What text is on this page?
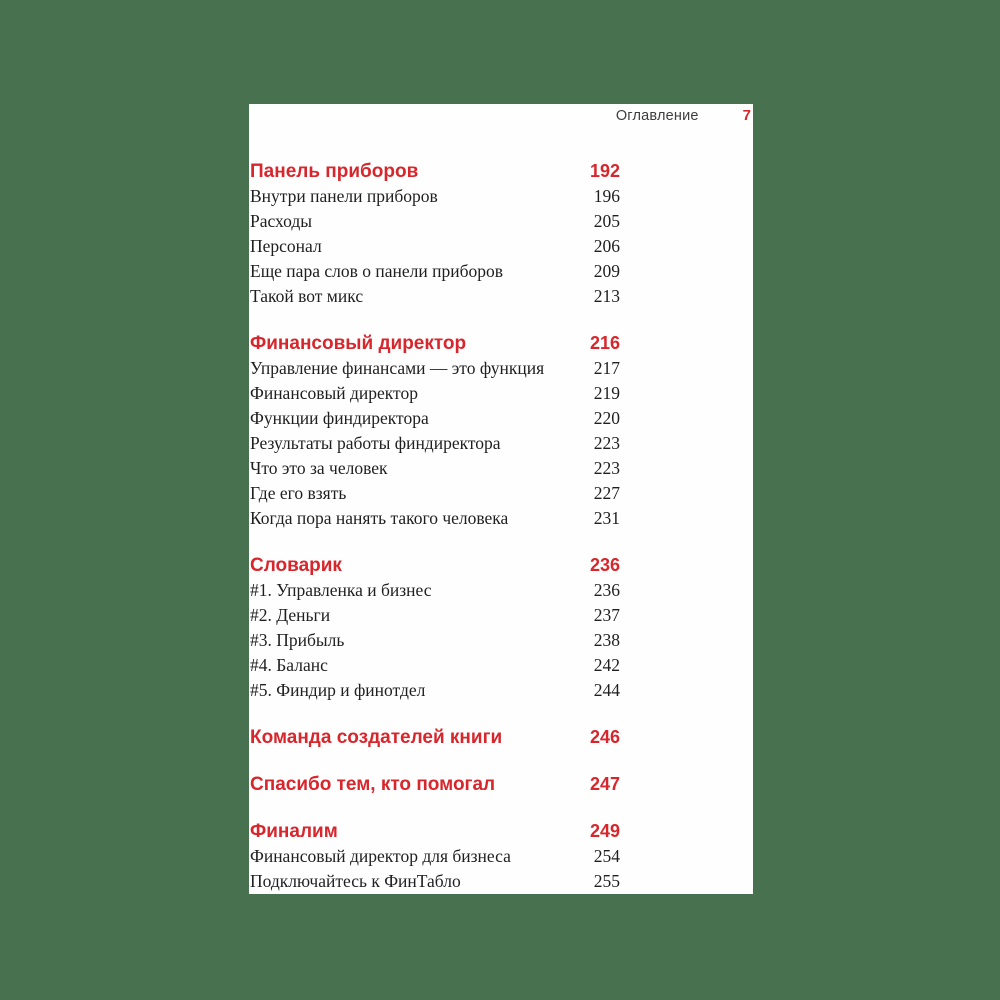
Оглавление	7
Панель приборов	192
Внутри панели приборов	196
Расходы	205
Персонал	206
Еще пара слов о панели приборов	209
Такой вот микс	213
Финансовый директор	216
Управление финансами — это функция	217
Финансовый директор	219
Функции финдиректора	220
Результаты работы финдиректора	223
Что это за человек	223
Где его взять	227
Когда пора нанять такого человека	231
Словарик	236
#1. Управленка и бизнес	236
#2. Деньги	237
#3. Прибыль	238
#4. Баланс	242
#5. Финдир и финотдел	244
Команда создателей книги	246
Спасибо тем, кто помогал	247
Финалим	249
Финансовый директор для бизнеса	254
Подключайтесь к ФинТабло	255
